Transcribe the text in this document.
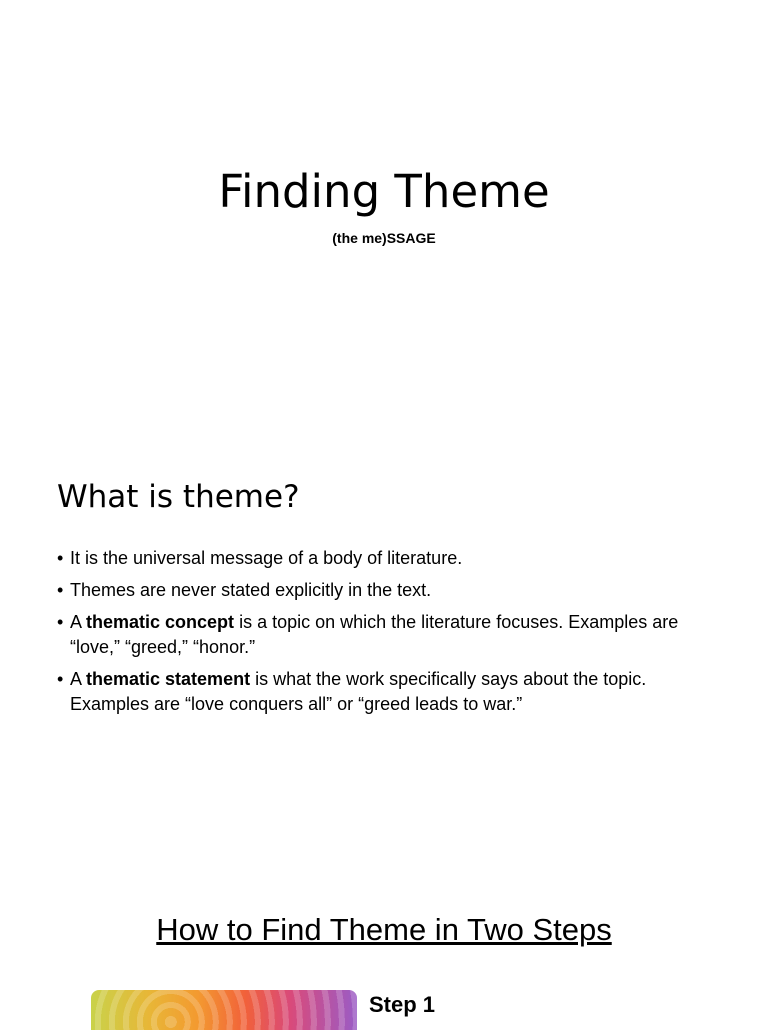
Finding Theme
(the me)SSAGE
What is theme?
• It is the universal message of a body of literature.
• Themes are never stated explicitly in the text.
• A thematic concept is a topic on which the literature focuses. Examples are “love,” “greed,” “honor.”
• A thematic statement is what the work specifically says about the topic. Examples are “love conquers all” or “greed leads to war.”
How to Find Theme in Two Steps
Step 1
